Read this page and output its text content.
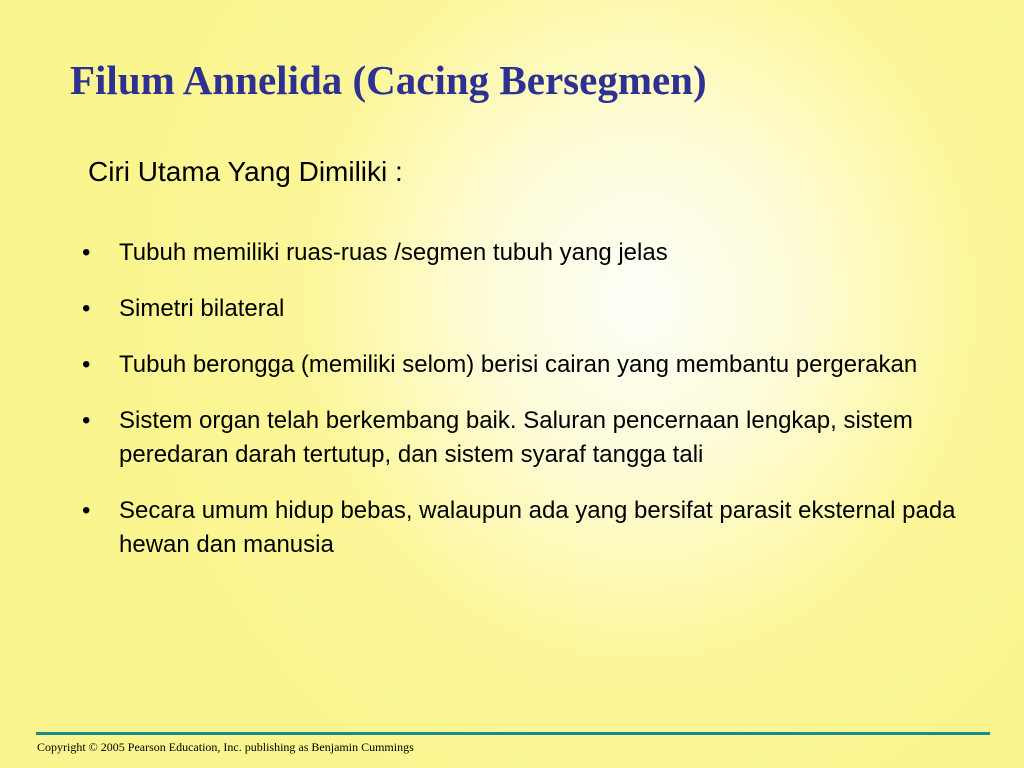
Filum Annelida (Cacing Bersegmen)

Ciri Utama Yang Dimiliki :

• Tubuh memiliki ruas-ruas /segmen tubuh yang jelas
• Simetri bilateral
• Tubuh berongga (memiliki selom) berisi cairan yang membantu pergerakan
• Sistem organ telah berkembang baik. Saluran pencernaan lengkap, sistem peredaran darah tertutup, dan sistem syaraf tangga tali
• Secara umum hidup bebas, walaupun ada yang bersifat parasit eksternal pada hewan dan manusia

Copyright © 2005 Pearson Education, Inc. publishing as Benjamin Cummings
